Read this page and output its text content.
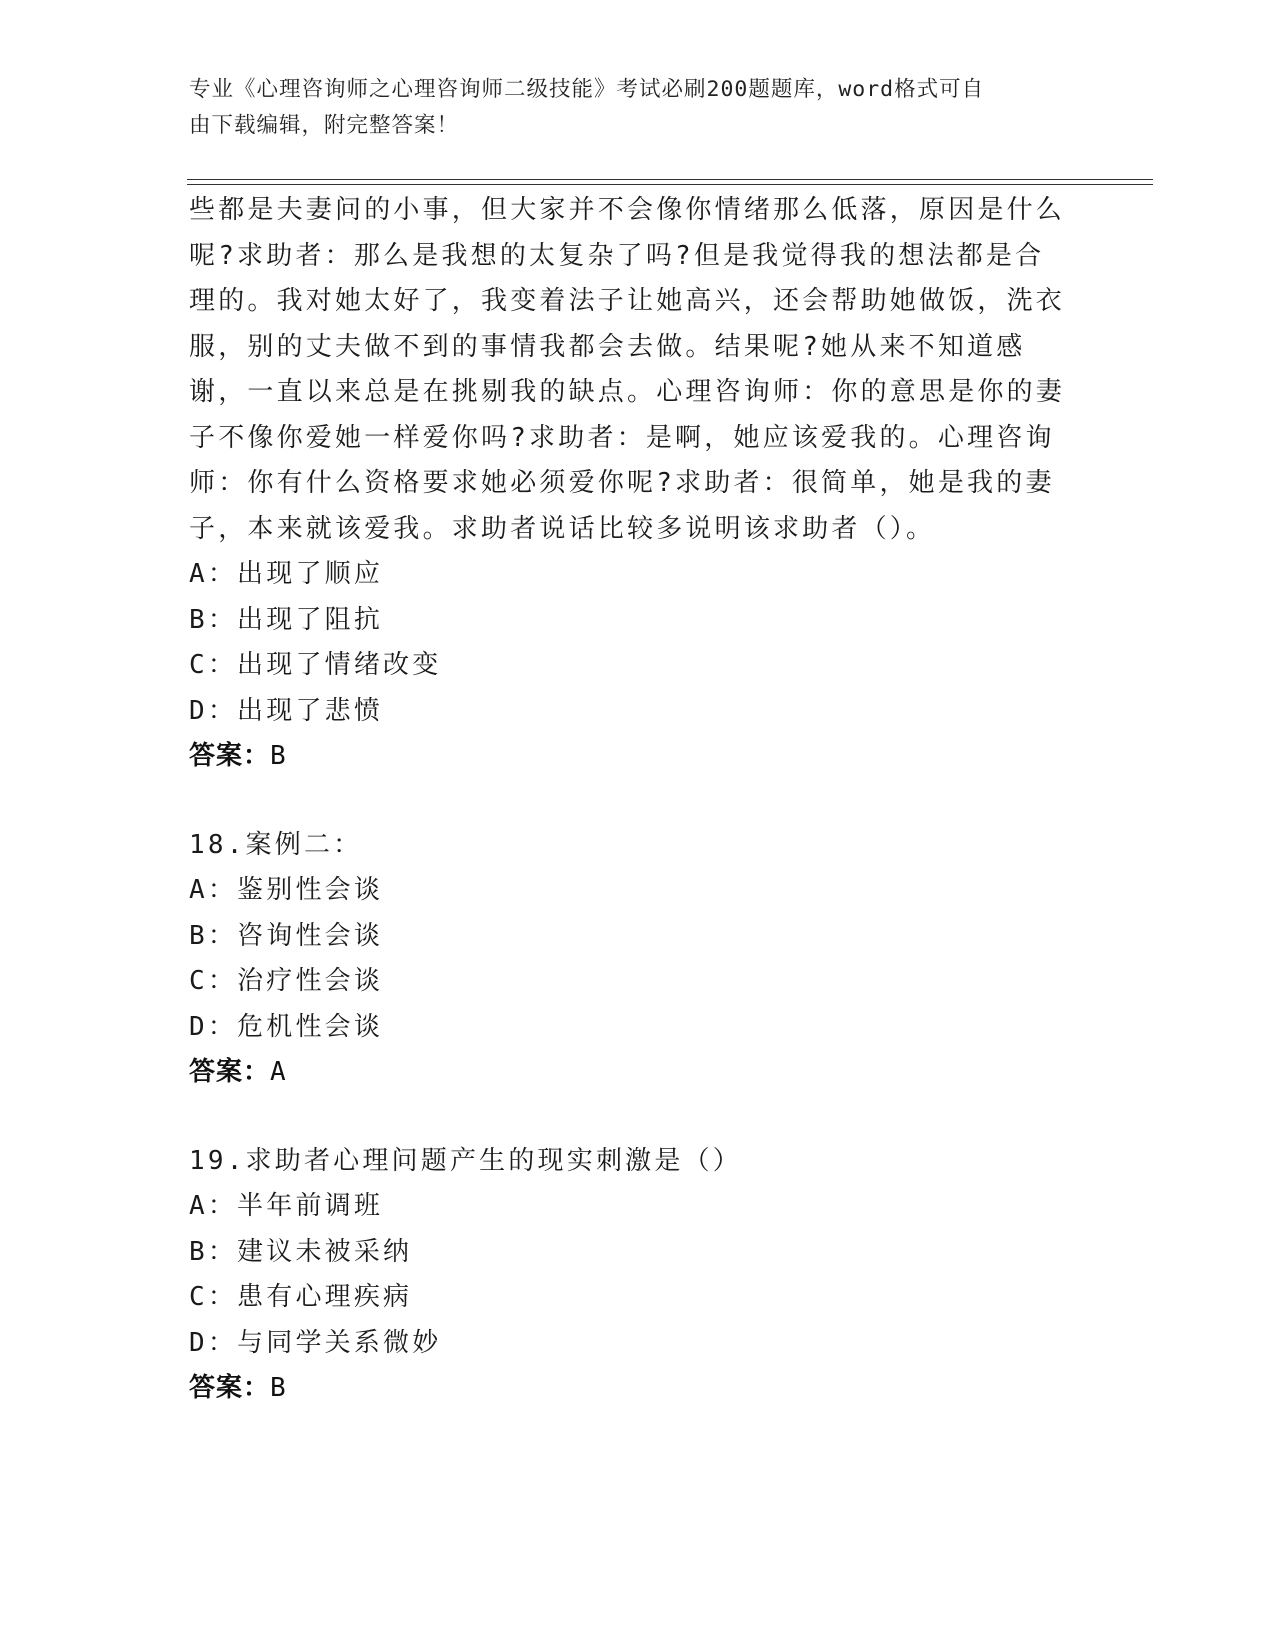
专业《心理咨询师之心理咨询师二级技能》考试必刷200题题库，word格式可自
由下载编辑，附完整答案！

些都是夫妻问的小事，但大家并不会像你情绪那么低落，原因是什么呢?求助者：那么是我想的太复杂了吗?但是我觉得我的想法都是合理的。我对她太好了，我变着法子让她高兴，还会帮助她做饭，洗衣服，别的丈夫做不到的事情我都会去做。结果呢?她从来不知道感谢，一直以来总是在挑剔我的缺点。心理咨询师：你的意思是你的妻子不像你爱她一样爱你吗?求助者：是啊，她应该爱我的。心理咨询师：你有什么资格要求她必须爱你呢?求助者：很简单，她是我的妻子，本来就该爱我。求助者说话比较多说明该求助者（）。

A：出现了顺应

B：出现了阻抗

C：出现了情绪改变

D：出现了悲愤

答案：B

18.案例二：

A：鉴别性会谈

B：咨询性会谈

C：治疗性会谈

D：危机性会谈

答案：A

19.求助者心理问题产生的现实刺激是（）

A：半年前调班

B：建议未被采纳

C：患有心理疾病

D：与同学关系微妙

答案：B
